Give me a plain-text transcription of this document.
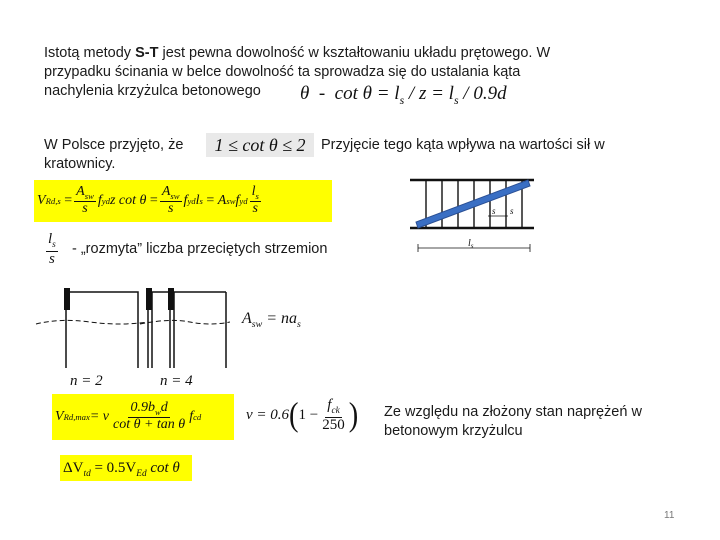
Istotą metody S-T jest pewna dowolność w kształtowaniu układu prętowego. W
przypadku ścinania w belce dowolność ta sprowadza się do ustalania kąta
nachylenia krzyżulca betonowego	$\theta - \cot \theta = l_s / z = l_s / 0.9d$
W Polsce przyjęto, że	1 ≤ cot θ ≤ 2	Przyjęcie tego kąta wpływa na wartości sił w
kratownicy.
V Rd,s
= $\frac{A_{sw}}{s}$ f yd z cot θ
= $\frac{A_{sw}}{s}$ f yd l s
=
A sw f yd $\frac{l_s}{s}$
$\frac{l_s}{s}$ - „rozmyta” liczba przeciętych strzemion
s s
$l_s$
$A_{sw} = na_s$
n = 2	n = 4
V Rd,max = ν $\frac{0.9b_wd}{\text{cot θ + tan θ}}$ f cd	ν = 0.6 ( $1 - \frac{f_{ck}}{250}$ ) Ze względu na złożony stan naprężeń w
betonowym krzyżulcu
$\Delta V_{td} = 0.5V_{Ed}$ cot θ
11
